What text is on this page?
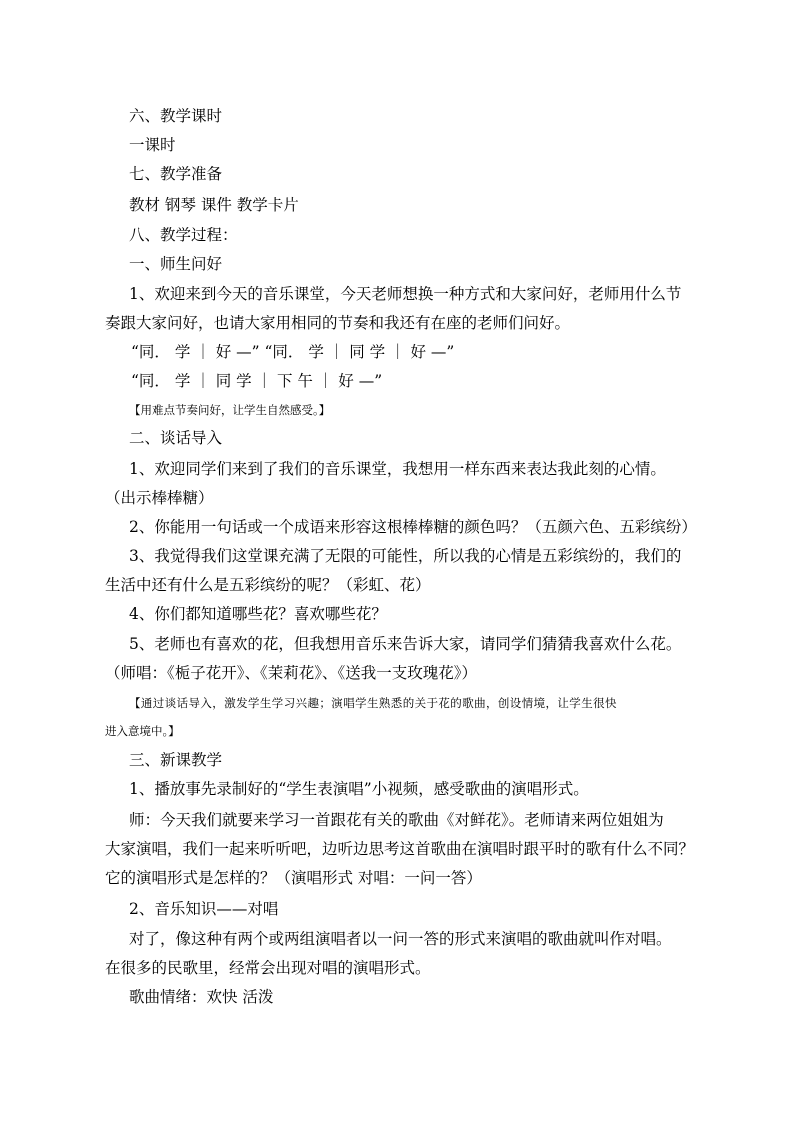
六、教学课时
一课时
七、教学准备
教材 钢琴 课件 教学卡片
八、教学过程：
一、师生问好
1、欢迎来到今天的音乐课堂，今天老师想换一种方式和大家问好，老师用什么节
奏跟大家问好，也请大家用相同的节奏和我还有在座的老师们问好。
“同． 学 ｜ 好 —” “同． 学 ｜ 同 学 ｜ 好 —”
“同． 学 ｜ 同 学 ｜ 下 午 ｜ 好 —”
【用难点节奏问好，让学生自然感受。】
二、谈话导入
1、欢迎同学们来到了我们的音乐课堂，我想用一样东西来表达我此刻的心情。
（出示棒棒糖）
2、你能用一句话或一个成语来形容这根棒棒糖的颜色吗？（五颜六色、五彩缤纷）
3、我觉得我们这堂课充满了无限的可能性，所以我的心情是五彩缤纷的，我们的
生活中还有什么是五彩缤纷的呢？（彩虹、花）
4、你们都知道哪些花？喜欢哪些花？
5、老师也有喜欢的花，但我想用音乐来告诉大家，请同学们猜猜我喜欢什么花。
（师唱：《栀子花开》、《茉莉花》、《送我一支玫瑰花》）
【通过谈话导入，激发学生学习兴趣；演唱学生熟悉的关于花的歌曲，创设情境，让学生很快
进入意境中。】
三、新课教学
1、播放事先录制好的“学生表演唱”小视频，感受歌曲的演唱形式。
师：今天我们就要来学习一首跟花有关的歌曲《对鲜花》。老师请来两位姐姐为
大家演唱，我们一起来听听吧，边听边思考这首歌曲在演唱时跟平时的歌有什么不同？
它的演唱形式是怎样的？（演唱形式 对唱：一问一答）
2、音乐知识——对唱
对了，像这种有两个或两组演唱者以一问一答的形式来演唱的歌曲就叫作对唱。
在很多的民歌里，经常会出现对唱的演唱形式。
歌曲情绪：欢快 活泼
